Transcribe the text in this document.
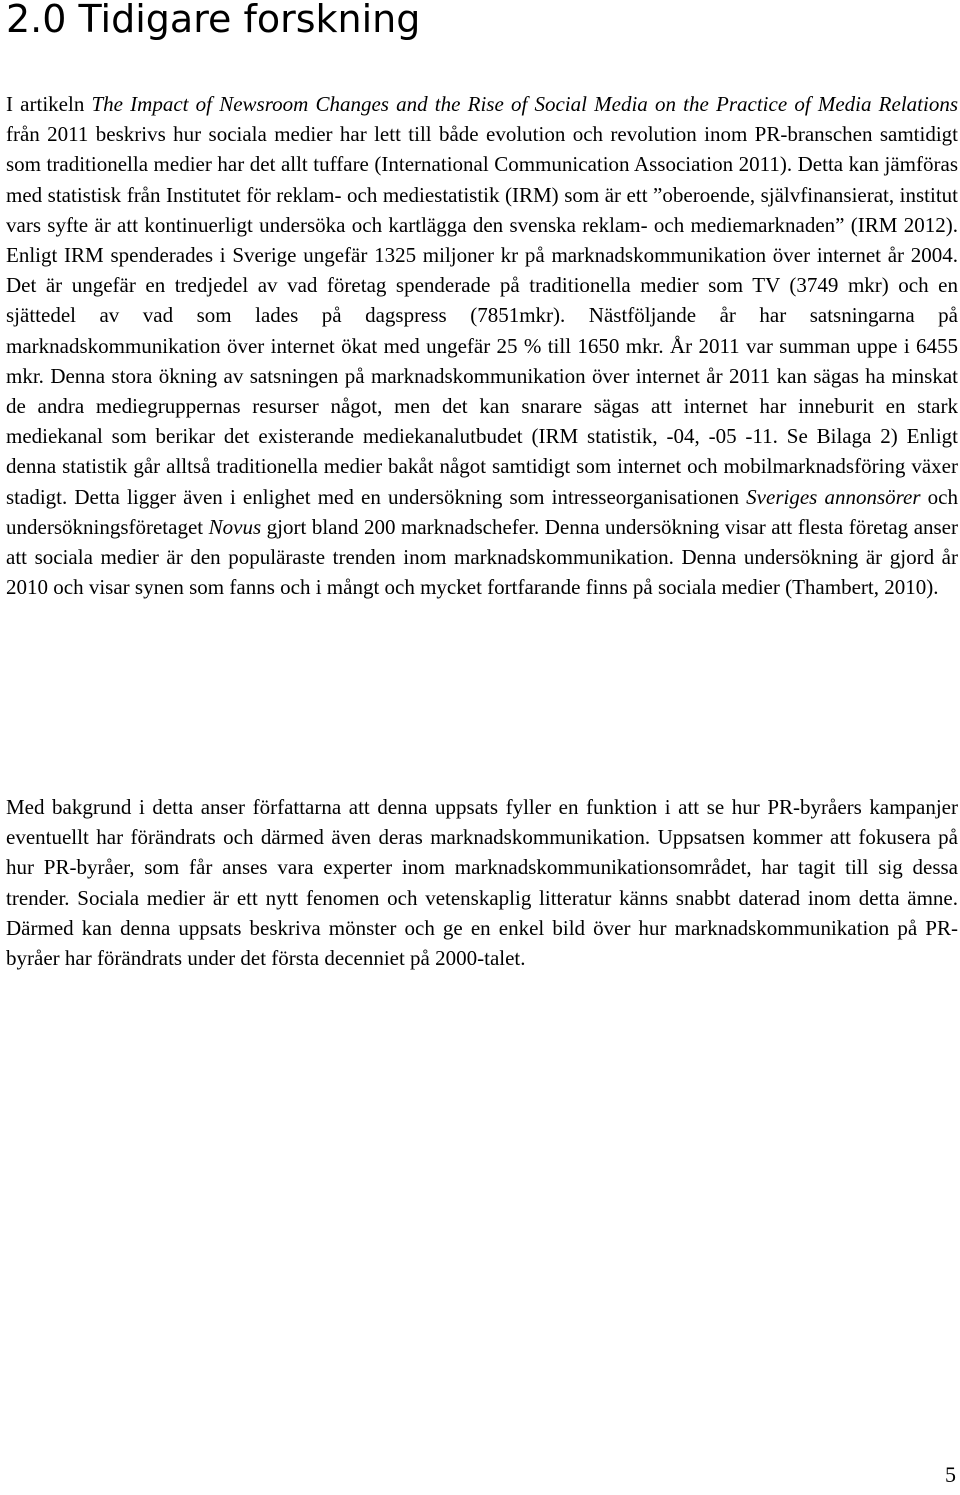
2.0 Tidigare forskning

I artikeln The Impact of Newsroom Changes and the Rise of Social Media on the Practice of Media Relations från 2011 beskrivs hur sociala medier har lett till både evolution och revolution inom PR-branschen samtidigt som traditionella medier har det allt tuffare (International Communication Association 2011). Detta kan jämföras med statistisk från Institutet för reklam- och mediestatistik (IRM) som är ett ”oberoende, självfinansierat, institut vars syfte är att kontinuerligt undersöka och kartlägga den svenska reklam- och mediemarknaden” (IRM 2012). Enligt IRM spenderades i Sverige ungefär 1325 miljoner kr på marknadskommunikation över internet år 2004. Det är ungefär en tredjedel av vad företag spenderade på traditionella medier som TV (3749 mkr) och en sjättedel av vad som lades på dagspress (7851mkr). Nästföljande år har satsningarna på marknadskommunikation över internet ökat med ungefär 25 % till 1650 mkr. År 2011 var summan uppe i 6455 mkr. Denna stora ökning av satsningen på marknadskommunikation över internet år 2011 kan sägas ha minskat de andra mediegruppernas resurser något, men det kan snarare sägas att internet har inneburit en stark mediekanal som berikar det existerande mediekanalutbudet (IRM statistik, -04, -05 -11. Se Bilaga 2) Enligt denna statistik går alltså traditionella medier bakåt något samtidigt som internet och mobilmarknadsföring växer stadigt. Detta ligger även i enlighet med en undersökning som intresseorganisationen Sveriges annonsörer och undersökningsföretaget Novus gjort bland 200 marknadschefer. Denna undersökning visar att flesta företag anser att sociala medier är den populäraste trenden inom marknadskommunikation. Denna undersökning är gjord år 2010 och visar synen som fanns och i mångt och mycket fortfarande finns på sociala medier (Thambert, 2010).

Med bakgrund i detta anser författarna att denna uppsats fyller en funktion i att se hur PR-byråers kampanjer eventuellt har förändrats och därmed även deras marknadskommunikation. Uppsatsen kommer att fokusera på hur PR-byråer, som får anses vara experter inom marknadskommunikationsområdet, har tagit till sig dessa trender. Sociala medier är ett nytt fenomen och vetenskaplig litteratur känns snabbt daterad inom detta ämne. Därmed kan denna uppsats beskriva mönster och ge en enkel bild över hur marknadskommunikation på PR-byråer har förändrats under det första decenniet på 2000-talet.

5
